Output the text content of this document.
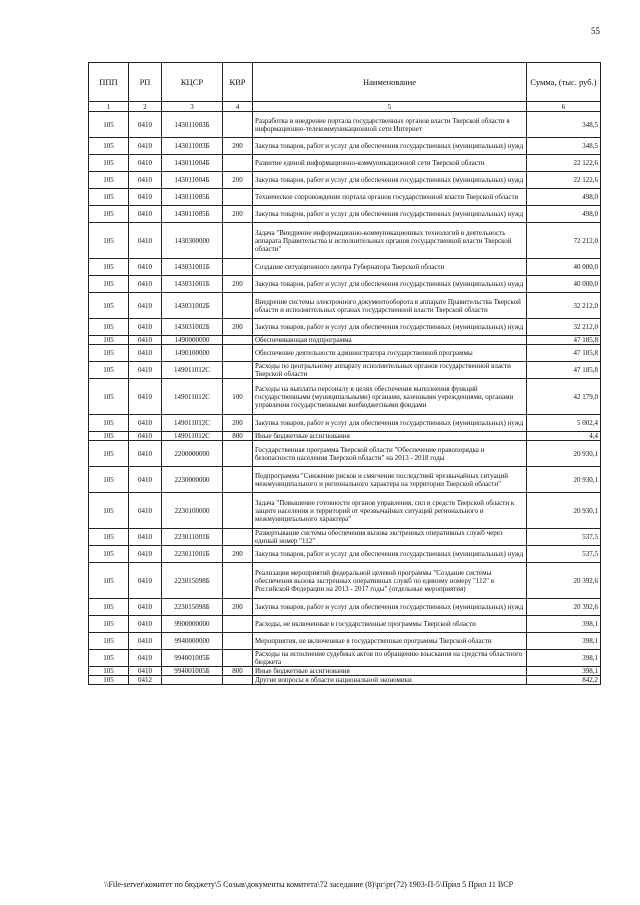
55
ППП	РП	КЦСР	КВР	Наименование	Сумма, (тыс. руб.)
1	2	3	4	5	6
105	0410	143011003Б		Разработка и внедрение портала государственных органов власти Тверской области в информационно-телекоммуникационной сети Интернет	348,5
105	0410	143011003Б	200	Закупка товаров, работ и услуг для обеспечения государственных (муниципальных) нужд	348,5
105	0410	143011004Б		Развитие единой информационно-коммуникационной сети Тверской области	22 122,6
105	0410	143011004Б	200	Закупка товаров, работ и услуг для обеспечения государственных (муниципальных) нужд	22 122,6
105	0410	143011005Б		Техническое сопровождение портала органов государственной власти Тверской области	498,0
105	0410	143011005Б	200	Закупка товаров, работ и услуг для обеспечения государственных (муниципальных) нужд	498,0
105	0410	1430300000		Задача "Внедрение информационно-коммуникационных технологий в деятельность аппарата Правительства и исполнительных органов государственной власти Тверской области"	72 212,0
105	0410	143031001Б		Создание ситуационного центра Губернатора Тверской области	40 000,0
105	0410	143031001Б	200	Закупка товаров, работ и услуг для обеспечения государственных (муниципальных) нужд	40 000,0
105	0410	143031002Б		Внедрение системы электронного документооборота в аппарате Правительства Тверской области и исполнительных органах государственной власти Тверской области	32 212,0
105	0410	143031002Б	200	Закупка товаров, работ и услуг для обеспечения государственных (муниципальных) нужд	32 212,0
105	0410	1490000000		Обеспечивающая подпрограмма	47 185,8
105	0410	1490100000		Обеспечение деятельности администратора государственной программы	47 185,8
105	0410	149011012С		Расходы по центральному аппарату исполнительных органов государственной власти Тверской области	47 185,8
105	0410	149011012С	100	Расходы на выплаты персоналу в целях обеспечения выполнения функций государственными (муниципальными) органами, казенными учреждениями, органами управления государственными внебюджетными фондами	42 179,0
105	0410	149011012С	200	Закупка товаров, работ и услуг для обеспечения государственных (муниципальных) нужд	5 002,4
105	0410	149011012С	800	Иные бюджетные ассигнования	4,4
105	0410	2200000000		Государственная программа Тверской области "Обеспечение правопорядка и безопасности населения Тверской области" на 2013 - 2018 годы	20 930,1
105	0410	2230000000		Подпрограмма "Снижение рисков и смягчение последствий чрезвычайных ситуаций межмуниципального и регионального характера на территории Тверской области"	20 930,1
105	0410	2230100000		Задача "Повышение готовности органов управления, сил и средств Тверской области к защите населения и территорий от чрезвычайных ситуаций регионального и межмуниципального характера"	20 930,1
105	0410	223011001Б		Развертывание системы обеспечения вызова экстренных оперативных служб через единый номер "112"	537,5
105	0410	223011001Б	200	Закупка товаров, работ и услуг для обеспечения государственных (муниципальных) нужд	537,5
105	0410	223015098Б		Реализация мероприятий федеральной целевой программы "Создание системы обеспечения вызова экстренных оперативных служб по единому номеру "112" в Российской Федерации на 2013 - 2017 годы" (отдельные мероприятия)	20 392,6
105	0410	223015098Б	200	Закупка товаров, работ и услуг для обеспечения государственных (муниципальных) нужд	20 392,6
105	0410	9900000000		Расходы, не включенные в государственные программы Тверской области	398,1
105	0410	9940000000		Мероприятия, не включенные в государственные программы Тверской области	398,1
105	0410	994001005Б		Расходы на исполнение судебных актов по обращению взыскания на средства областного бюджета	398,1
105	0410	994001005Б	800	Иные бюджетные ассигнования	398,1
105	0412			Другие вопросы в области национальной экономики	842,2
\\File-server\комитет по бюджету\5 Созыв\документы комитета\72 заседание (8)\рг\рг(72) 1903-П-5\Прил 5 Прил 11 ВСР
